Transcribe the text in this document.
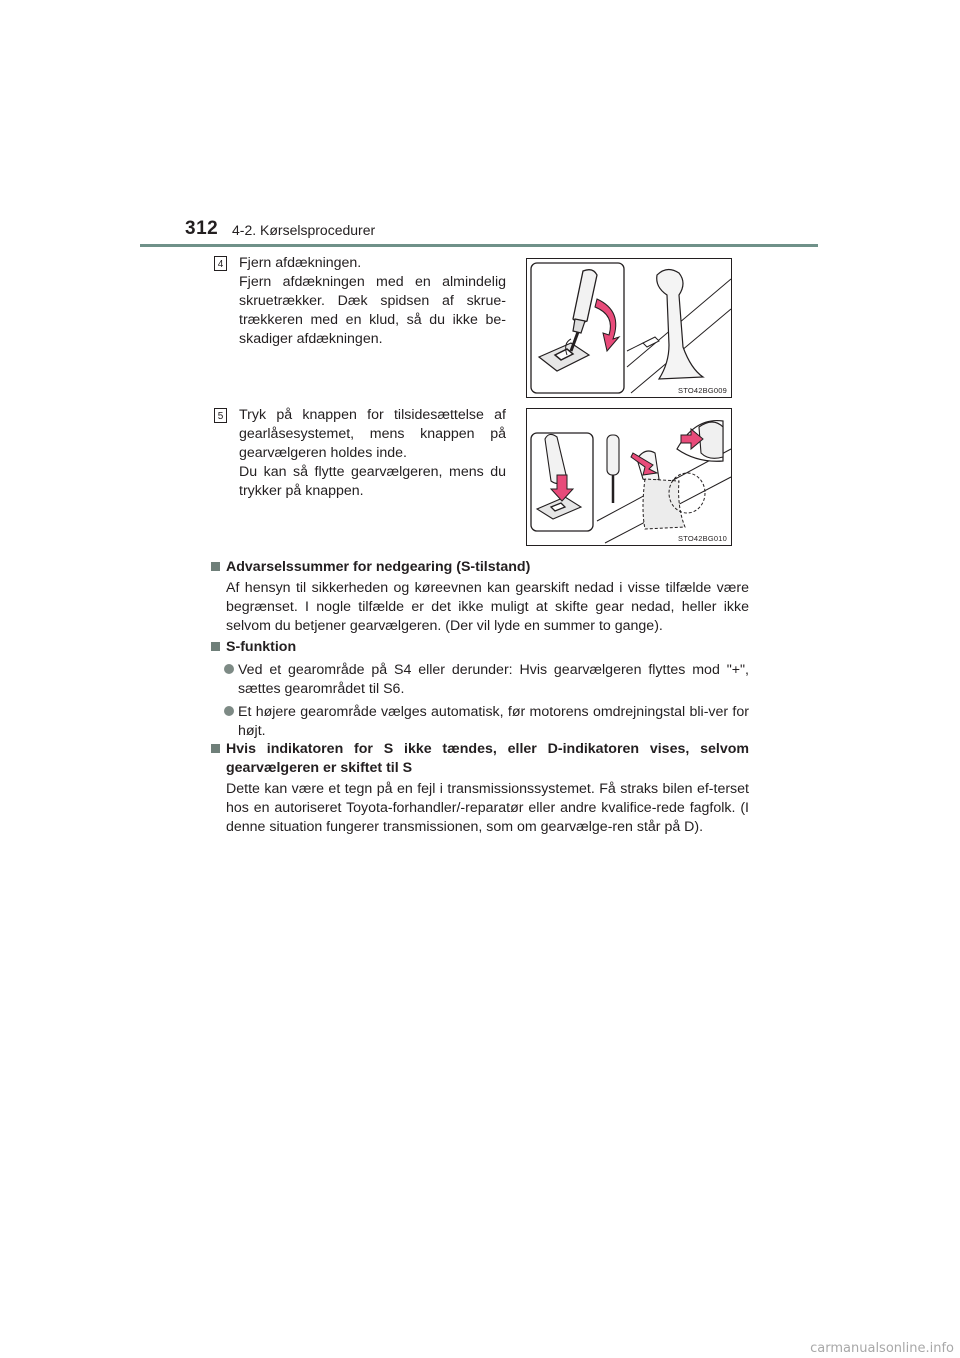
312 4-2. Kørselsprocedurer
4 Fjern afdækningen.

Fjern afdækningen med en almindelig skruetrækker. Dæk spidsen af skrue-trækkeren med en klud, så du ikke be-skadiger afdækningen.

STO42BG009
5 Tryk på knappen for tilsidesættelse af gearlåsesystemet, mens knappen på gearvælgeren holdes inde.

Du kan så flytte gearvælgeren, mens du trykker på knappen.

STO42BG010
Advarselssummer for nedgearing (S-tilstand)
Af hensyn til sikkerheden og køreevnen kan gearskift nedad i visse tilfælde være begrænset. I nogle tilfælde er det ikke muligt at skifte gear nedad, heller ikke selvom du betjener gearvælgeren. (Der vil lyde en summer to gange).
S-funktion
Ved et gearområde på S4 eller derunder: Hvis gearvælgeren flyttes mod "+", sættes gearområdet til S6.
Et højere gearområde vælges automatisk, før motorens omdrejningstal bli-ver for højt.
Hvis indikatoren for S ikke tændes, eller D-indikatoren vises, selvom gearvælgeren er skiftet til S
Dette kan være et tegn på en fejl i transmissionssystemet. Få straks bilen ef-terset hos en autoriseret Toyota-forhandler/-reparatør eller andre kvalifice-rede fagfolk. (I denne situation fungerer transmissionen, som om gearvælge-ren står på D).
carmanualsonline.info
